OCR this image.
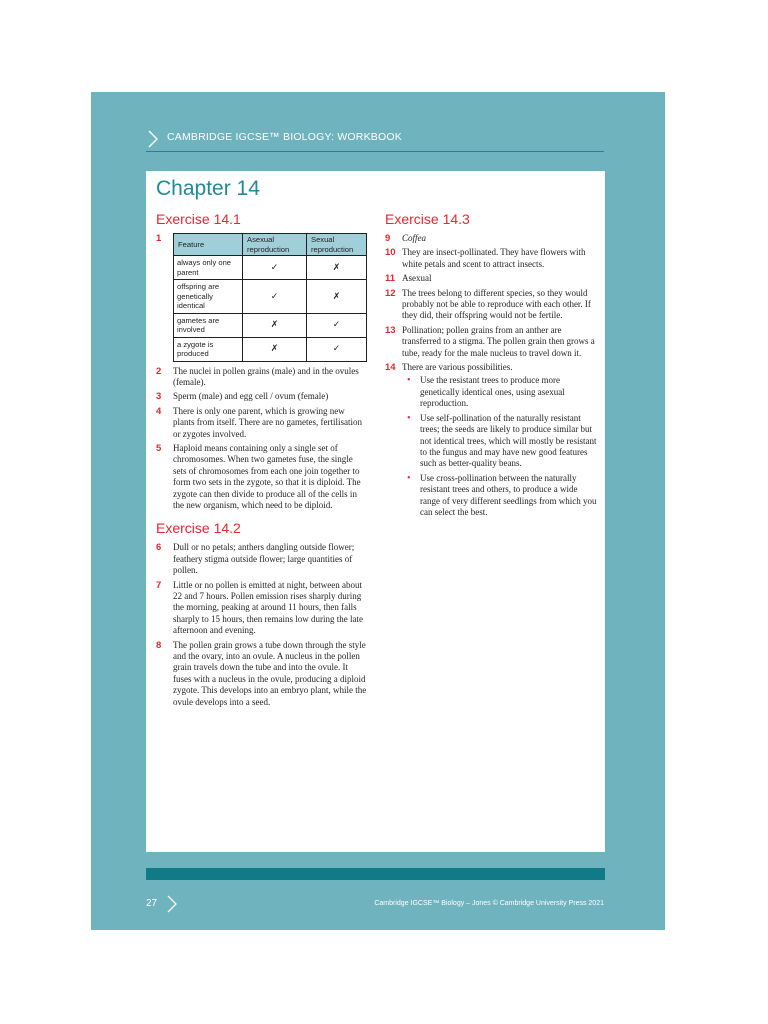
CAMBRIDGE IGCSE™ BIOLOGY: WORKBOOK
Chapter 14
Exercise 14.1
1
Feature	Asexual reproduction	Sexual reproduction
always only one parent	✓	✗
offspring are genetically identical	✓	✗
gametes are involved	✗	✓
a zygote is produced	✗	✓
2 The nuclei in pollen grains (male) and in the ovules (female).
3 Sperm (male) and egg cell / ovum (female)
4 There is only one parent, which is growing new plants from itself. There are no gametes, fertilisation or zygotes involved.
5 Haploid means containing only a single set of chromosomes. When two gametes fuse, the single sets of chromosomes from each one join together to form two sets in the zygote, so that it is diploid. The zygote can then divide to produce all of the cells in the new organism, which need to be diploid.
Exercise 14.2
6 Dull or no petals; anthers dangling outside flower; feathery stigma outside flower; large quantities of pollen.
7 Little or no pollen is emitted at night, between about 22 and 7 hours. Pollen emission rises sharply during the morning, peaking at around 11 hours, then falls sharply to 15 hours, then remains low during the late afternoon and evening.
8 The pollen grain grows a tube down through the style and the ovary, into an ovule. A nucleus in the pollen grain travels down the tube and into the ovule. It fuses with a nucleus in the ovule, producing a diploid zygote. This develops into an embryo plant, while the ovule develops into a seed.
Exercise 14.3
9 Coffea
10 They are insect-pollinated. They have flowers with white petals and scent to attract insects.
11 Asexual
12 The trees belong to different species, so they would probably not be able to reproduce with each other. If they did, their offspring would not be fertile.
13 Pollination; pollen grains from an anther are transferred to a stigma. The pollen grain then grows a tube, ready for the male nucleus to travel down it.
14 There are various possibilities.
• Use the resistant trees to produce more genetically identical ones, using asexual reproduction.
• Use self-pollination of the naturally resistant trees; the seeds are likely to produce similar but not identical trees, which will mostly be resistant to the fungus and may have new good features such as better-quality beans.
• Use cross-pollination between the naturally resistant trees and others, to produce a wide range of very different seedlings from which you can select the best.
27	Cambridge IGCSE™ Biology – Jones © Cambridge University Press 2021
